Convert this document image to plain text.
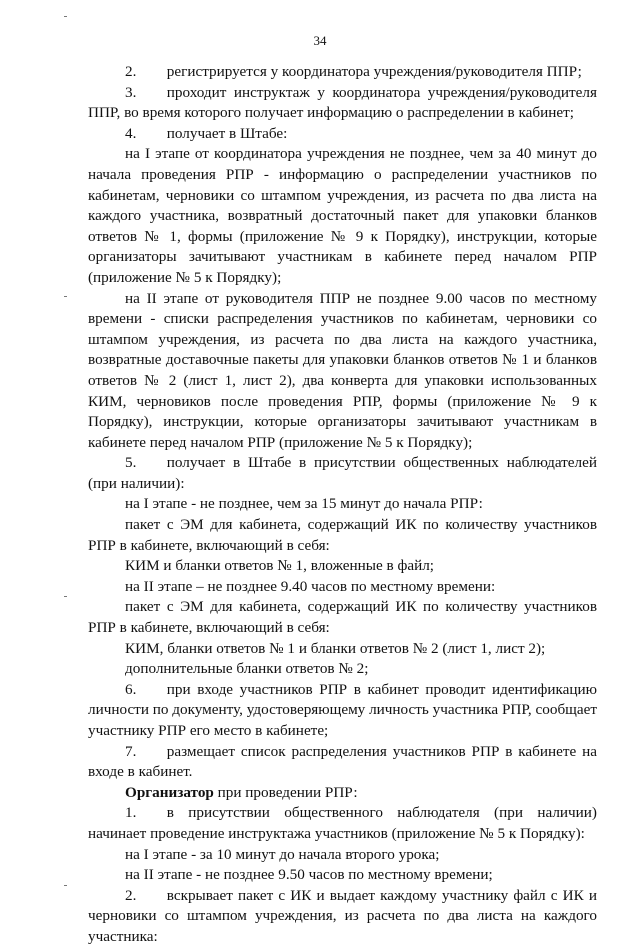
34

2.  регистрируется у координатора учреждения/руководителя ППР;

3.  проходит инструктаж у координатора учреждения/руководителя ППР, во время которого получает информацию о распределении в кабинет;

4.  получает в Штабе:

на I этапе от координатора учреждения не позднее, чем за 40 минут до начала проведения РПР - информацию о распределении участников по кабинетам, черновики со штампом учреждения, из расчета по два листа на каждого участника, возвратный достаточный пакет для упаковки бланков ответов № 1, формы (приложение № 9 к Порядку), инструкции, которые организаторы зачитывают участникам в кабинете перед началом РПР (приложение № 5 к Порядку);

на II этапе от руководителя ППР не позднее 9.00 часов по местному времени - списки распределения участников по кабинетам, черновики со штампом учреждения, из расчета по два листа на каждого участника, возвратные доставочные пакеты для упаковки бланков ответов № 1 и бланков ответов № 2 (лист 1, лист 2), два конверта для упаковки использованных КИМ, черновиков после проведения РПР, формы (приложение № 9 к Порядку), инструкции, которые организаторы зачитывают участникам в кабинете перед началом РПР (приложение № 5 к Порядку);

5.  получает в Штабе в присутствии общественных наблюдателей (при наличии):

на I этапе - не позднее, чем за 15 минут до начала РПР:

пакет с ЭМ для кабинета, содержащий ИК по количеству участников РПР в кабинете, включающий в себя:

КИМ и бланки ответов № 1, вложенные в файл;

на II этапе – не позднее 9.40 часов по местному времени:

пакет с ЭМ для кабинета, содержащий ИК по количеству участников РПР в кабинете, включающий в себя:

КИМ, бланки ответов № 1 и бланки ответов № 2 (лист 1, лист 2);

дополнительные бланки ответов № 2;

6.  при входе участников РПР в кабинет проводит идентификацию личности по документу, удостоверяющему личность участника РПР, сообщает участнику РПР его место в кабинете;

7.  размещает список распределения участников РПР в кабинете на входе в кабинет.

Организатор при проведении РПР:

1.  в присутствии общественного наблюдателя (при наличии) начинает проведение инструктажа участников (приложение № 5 к Порядку):

на I этапе - за 10 минут до начала второго урока;

на II этапе - не позднее 9.50 часов по местному времени;

2.  вскрывает пакет с ИК и выдает каждому участнику файл с ИК и черновики со штампом учреждения, из расчета по два листа на каждого участника:
